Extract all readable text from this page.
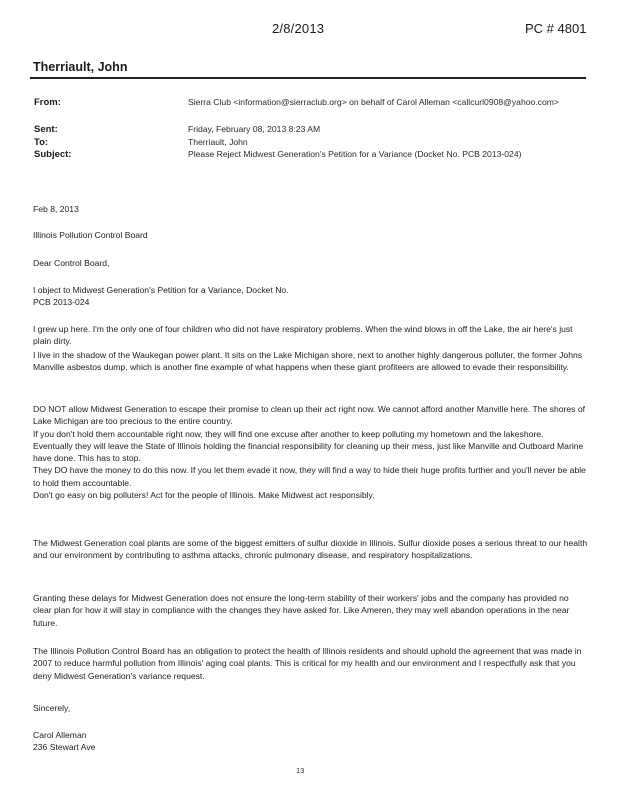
2/8/2013	PC # 4801
Therriault, John
From:	Sierra Club <information@sierraclub.org> on behalf of Carol Alleman <callcurl0908@yahoo.com>
Sent:	Friday, February 08, 2013 8:23 AM
To:	Therriault, John
Subject:	Please Reject Midwest Generation's Petition for a Variance (Docket No. PCB 2013-024)
Feb 8, 2013
Illinois Pollution Control Board
Dear Control Board,

I object to Midwest Generation's Petition for a Variance, Docket No.

PCB 2013-024

I grew up here. I'm the only one of four children who did not have respiratory problems. When the wind blows in off the Lake, the air here's just plain dirty.

I live in the shadow of the Waukegan power plant. It sits on the Lake Michigan shore, next to another highly dangerous polluter, the former Johns Manville asbestos dump, which is another fine example of what happens when these giant profiteers are allowed to evade their responsibility.

DO NOT allow Midwest Generation to escape their promise to clean up their act right now. We cannot afford another Manville here. The shores of Lake Michigan are too precious to the entire country.

If you don't hold them accountable right now, they will find one excuse after another to keep polluting my hometown and the lakeshore.

Eventually they will leave the State of Illinois holding the financial responsibility for cleaning up their mess, just like Manville and Outboard Marine have done. This has to stop.

They DO have the money to do this now. If you let them evade it now, they will find a way to hide their huge profits further and you'll never be able to hold them accountable.

Don't go easy on big polluters! Act for the people of Illinois. Make Midwest act responsibly.

The Midwest Generation coal plants are some of the biggest emitters of sulfur dioxide in Illinois. Sulfur dioxide poses a serious threat to our health and our environment by contributing to asthma attacks, chronic pulmonary disease, and respiratory hospitalizations.

Granting these delays for Midwest Generation does not ensure the long-term stability of their workers' jobs and the company has provided no clear plan for how it will stay in compliance with the changes they have asked for. Like Ameren, they may well abandon operations in the near future.

The Illinois Pollution Control Board has an obligation to protect the health of Illinois residents and should uphold the agreement that was made in 2007 to reduce harmful pollution from Illinois' aging coal plants. This is critical for my health and our environment and I respectfully ask that you deny Midwest Generation's variance request.

Sincerely,

Carol Alleman

236 Stewart Ave

13
